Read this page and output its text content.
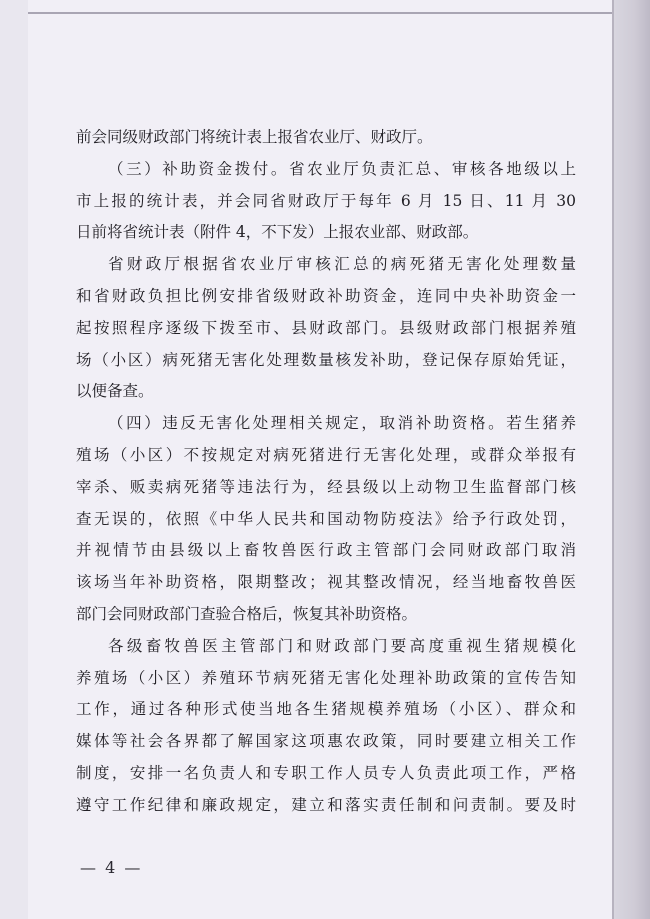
前会同级财政部门将统计表上报省农业厅、财政厅。
（三）补助资金拨付。省农业厅负责汇总、审核各地级以上
市上报的统计表，并会同省财政厅于每年 6 月 15 日、11 月 30
日前将省统计表（附件 4，不下发）上报农业部、财政部。
省财政厅根据省农业厅审核汇总的病死猪无害化处理数量
和省财政负担比例安排省级财政补助资金，连同中央补助资金一
起按照程序逐级下拨至市、县财政部门。县级财政部门根据养殖
场（小区）病死猪无害化处理数量核发补助，登记保存原始凭证，
以便备查。
（四）违反无害化处理相关规定，取消补助资格。若生猪养
殖场（小区）不按规定对病死猪进行无害化处理，或群众举报有
宰杀、贩卖病死猪等违法行为，经县级以上动物卫生监督部门核
查无误的，依照《中华人民共和国动物防疫法》给予行政处罚，
并视情节由县级以上畜牧兽医行政主管部门会同财政部门取消
该场当年补助资格，限期整改；视其整改情况，经当地畜牧兽医
部门会同财政部门查验合格后，恢复其补助资格。
各级畜牧兽医主管部门和财政部门要高度重视生猪规模化
养殖场（小区）养殖环节病死猪无害化处理补助政策的宣传告知
工作，通过各种形式使当地各生猪规模养殖场（小区）、群众和
媒体等社会各界都了解国家这项惠农政策，同时要建立相关工作
制度，安排一名负责人和专职工作人员专人负责此项工作，严格
遵守工作纪律和廉政规定，建立和落实责任制和问责制。要及时
— 4 —
